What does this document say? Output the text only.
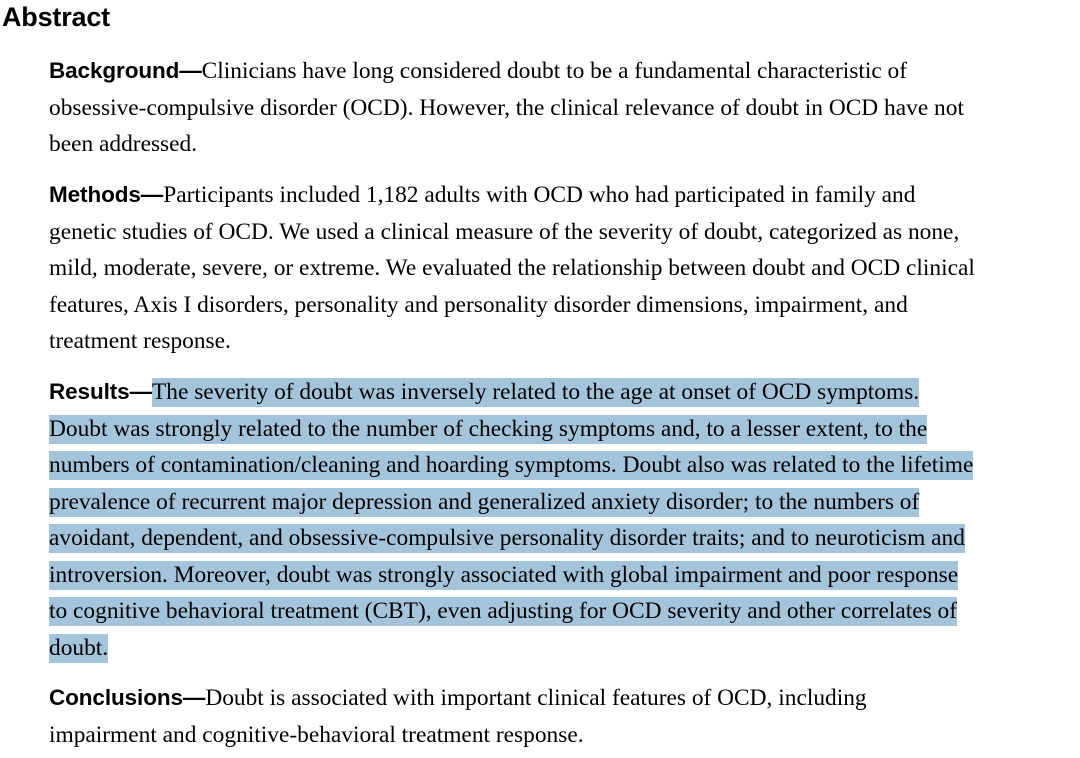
Abstract
Background—Clinicians have long considered doubt to be a fundamental characteristic of
obsessive-compulsive disorder (OCD). However, the clinical relevance of doubt in OCD have not
been addressed.
Methods—Participants included 1,182 adults with OCD who had participated in family and
genetic studies of OCD. We used a clinical measure of the severity of doubt, categorized as none,
mild, moderate, severe, or extreme. We evaluated the relationship between doubt and OCD clinical
features, Axis I disorders, personality and personality disorder dimensions, impairment, and
treatment response.
Results—The severity of doubt was inversely related to the age at onset of OCD symptoms.
Doubt was strongly related to the number of checking symptoms and, to a lesser extent, to the
numbers of contamination/cleaning and hoarding symptoms. Doubt also was related to the lifetime
prevalence of recurrent major depression and generalized anxiety disorder; to the numbers of
avoidant, dependent, and obsessive-compulsive personality disorder traits; and to neuroticism and
introversion. Moreover, doubt was strongly associated with global impairment and poor response
to cognitive behavioral treatment (CBT), even adjusting for OCD severity and other correlates of
doubt.
Conclusions—Doubt is associated with important clinical features of OCD, including
impairment and cognitive-behavioral treatment response.
